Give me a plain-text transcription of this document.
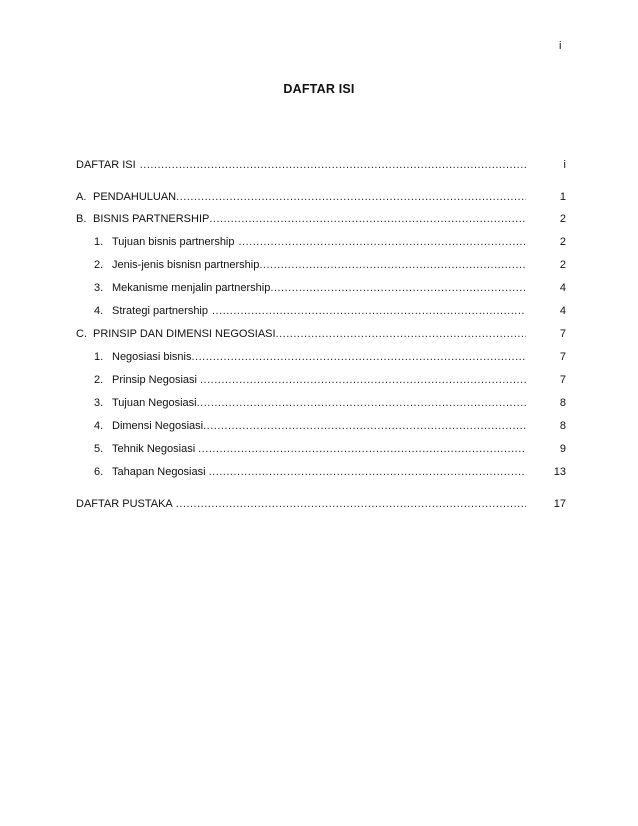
i
DAFTAR ISI
DAFTAR ISI .....	i
A. PENDAHULUAN .....	1
B. BISNIS PARTNERSHIP .....	2
1. Tujuan bisnis partnership .....	2
2. Jenis-jenis bisnisn partnership .....	2
3. Mekanisme menjalin partnership .....	4
4. Strategi partnership .....	4
C. PRINSIP DAN DIMENSI NEGOSIASI .....	7
1. Negosiasi bisnis .....	7
2. Prinsip Negosiasi .....	7
3. Tujuan Negosiasi .....	8
4. Dimensi Negosiasi .....	8
5. Tehnik Negosiasi .....	9
6. Tahapan Negosiasi .....	13
DAFTAR PUSTAKA .....	17
